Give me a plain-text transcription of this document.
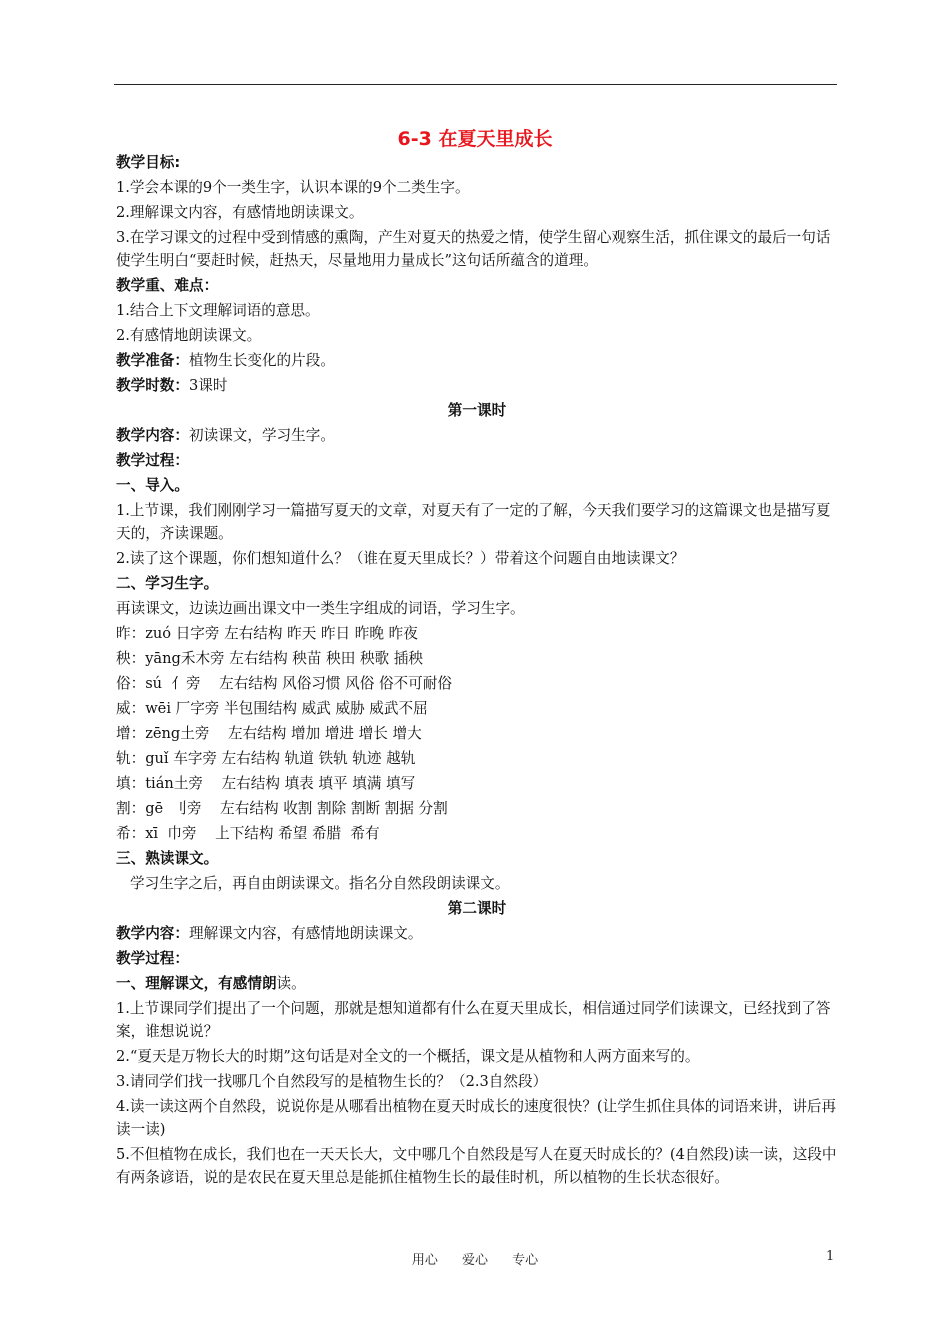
6-3 在夏天里成长

教学目标:

1.学会本课的9个一类生字，认识本课的9个二类生字。

2.理解课文内容，有感情地朗读课文。

3.在学习课文的过程中受到情感的熏陶，产生对夏天的热爱之情，使学生留心观察生活，抓住课文的最后一句话使学生明白“要赶时候，赶热天，尽量地用力量成长”这句话所蕴含的道理。

教学重、难点：

1.结合上下文理解词语的意思。

2.有感情地朗读课文。

教学准备：植物生长变化的片段。

教学时数：3课时

第一课时

教学内容：初读课文，学习生字。

教学过程：

一、导入。

1.上节课，我们刚刚学习一篇描写夏天的文章，对夏天有了一定的了解，今天我们要学习的这篇课文也是描写夏天的，齐读课题。

2.读了这个课题，你们想知道什么？（谁在夏天里成长？）带着这个问题自由地读课文？

二、学习生字。

再读课文，边读边画出课文中一类生字组成的词语，学习生字。

昨：zuó 日字旁 左右结构 昨天 昨日 昨晚 昨夜

秧：yāng禾木旁 左右结构 秧苗 秧田 秧歌 插秧

俗：sú  亻旁    左右结构 风俗习惯 风俗 俗不可耐俗

威：wēi 厂字旁 半包围结构 威武 威胁 威武不屈

增：zēng土旁    左右结构 增加 增进 增长 增大

轨：guǐ 车字旁 左右结构 轨道 铁轨 轨迹 越轨

填：tián土旁    左右结构 填表 填平 填满 填写

割：gē  刂旁    左右结构 收割 割除 割断 割据 分割

希：xī  巾旁    上下结构 希望 希腊  希有

三、熟读课文。

学习生字之后，再自由朗读课文。指名分自然段朗读课文。

第二课时

教学内容：理解课文内容，有感情地朗读课文。

教学过程：

一、理解课文，有感情朗读。

1.上节课同学们提出了一个问题，那就是想知道都有什么在夏天里成长，相信通过同学们读课文，已经找到了答案，谁想说说？

2.“夏天是万物长大的时期”这句话是对全文的一个概括，课文是从植物和人两方面来写的。

3.请同学们找一找哪几个自然段写的是植物生长的？（2.3自然段）

4.读一读这两个自然段，说说你是从哪看出植物在夏天时成长的速度很快？(让学生抓住具体的词语来讲，讲后再读一读)

5.不但植物在成长，我们也在一天天长大，文中哪几个自然段是写人在夏天时成长的？(4自然段)读一读，这段中有两条谚语，说的是农民在夏天里总是能抓住植物生长的最佳时机，所以植物的生长状态很好。

用心 爱心 专心	1
